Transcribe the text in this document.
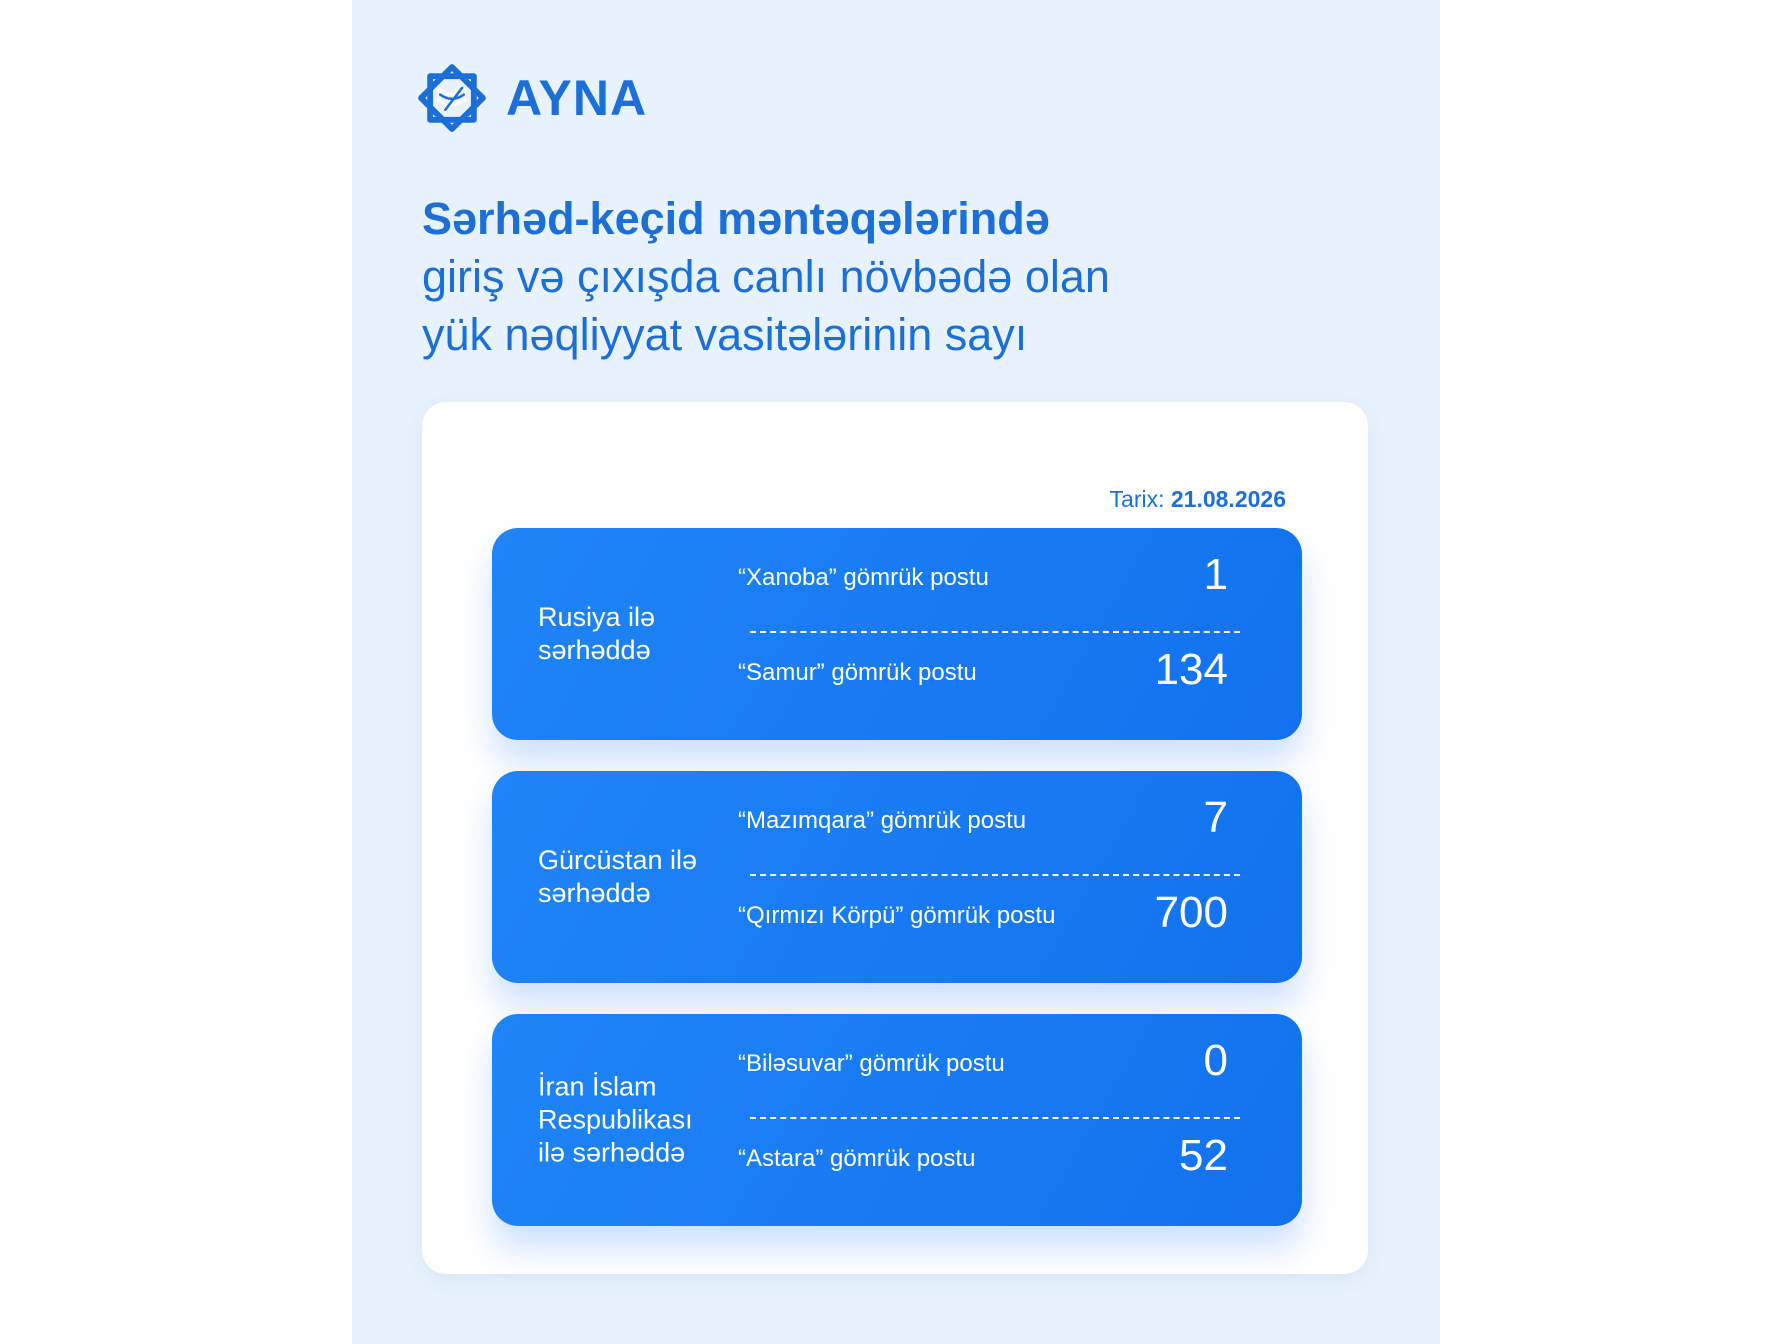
AYNA
Sərhəd-keçid məntəqələrində
giriş və çıxışda canlı növbədə olan
yük nəqliyyat vasitələrinin sayı
Tarix: 21.08.2026
Rusiya ilə sərhəddə
“Xanoba” gömrük postu	1
“Samur” gömrük postu	134
Gürcüstan ilə sərhəddə
“Mazımqara” gömrük postu	7
“Qırmızı Körpü” gömrük postu 700
İran İslam Respublikası ilə sərhəddə
“Biləsuvar” gömrük postu	0
“Astara” gömrük postu	52
